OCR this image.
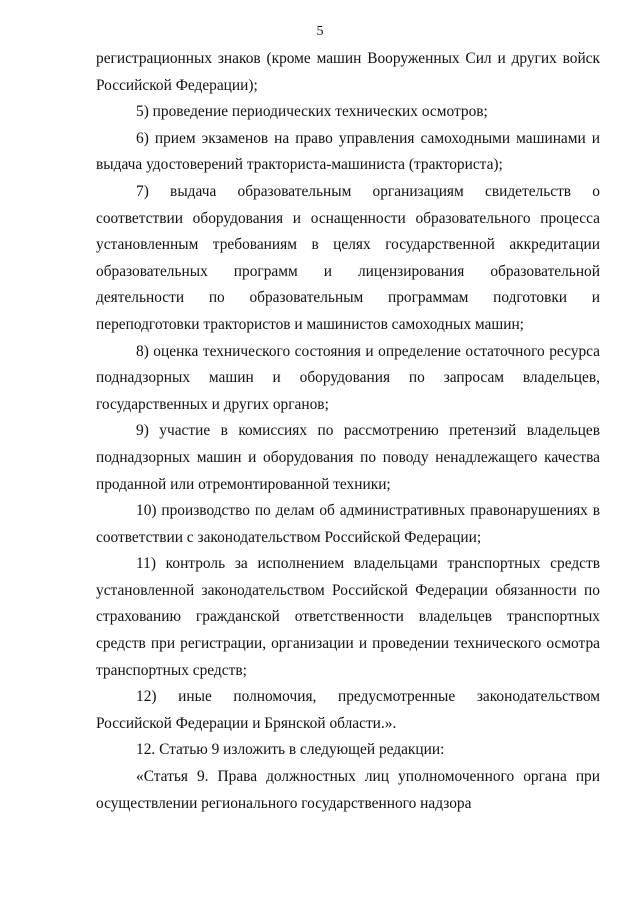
5

регистрационных знаков (кроме машин Вооруженных Сил и других войск Российской Федерации);

5) проведение периодических технических осмотров;

6) прием экзаменов на право управления самоходными машинами и выдача удостоверений тракториста-машиниста (тракториста);

7) выдача образовательным организациям свидетельств о соответствии оборудования и оснащенности образовательного процесса установленным требованиям в целях государственной аккредитации образовательных программ и лицензирования образовательной деятельности по образовательным программам подготовки и переподготовки трактористов и машинистов самоходных машин;

8) оценка технического состояния и определение остаточного ресурса поднадзорных машин и оборудования по запросам владельцев, государственных и других органов;

9) участие в комиссиях по рассмотрению претензий владельцев поднадзорных машин и оборудования по поводу ненадлежащего качества проданной или отремонтированной техники;

10) производство по делам об административных правонарушениях в соответствии с законодательством Российской Федерации;

11) контроль за исполнением владельцами транспортных средств установленной законодательством Российской Федерации обязанности по страхованию гражданской ответственности владельцев транспортных средств при регистрации, организации и проведении технического осмотра транспортных средств;

12) иные полномочия, предусмотренные законодательством Российской Федерации и Брянской области.».

12. Статью 9 изложить в следующей редакции:

«Статья 9. Права должностных лиц уполномоченного органа при осуществлении регионального государственного надзора
